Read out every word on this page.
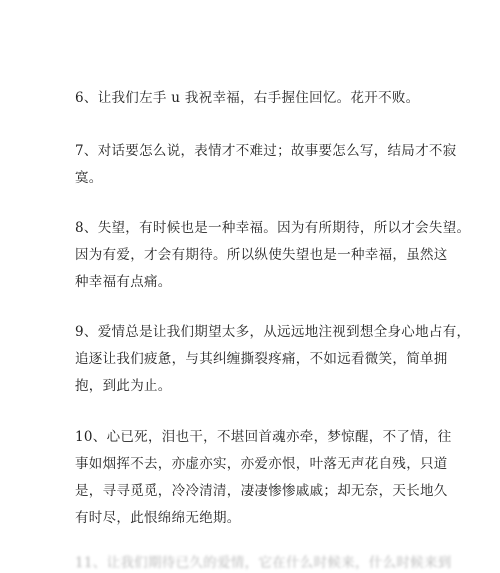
6、让我们左手 u 我祝幸福，右手握住回忆。花开不败。
7、对话要怎么说，表情才不难过；故事要怎么写，结局才不寂
寞。
8、失望，有时候也是一种幸福。因为有所期待，所以才会失望。
因为有爱，才会有期待。所以纵使失望也是一种幸福，虽然这
种幸福有点痛。
9、爱情总是让我们期望太多，从远远地注视到想全身心地占有，
追逐让我们疲惫，与其纠缠撕裂疼痛，不如远看微笑，简单拥
抱，到此为止。
10、心已死，泪也干，不堪回首魂亦牵，梦惊醒，不了情，往
事如烟挥不去，亦虚亦实，亦爱亦恨，叶落无声花自残，只道
是，寻寻觅觅，冷冷清清，凄凄惨惨戚戚；却无奈，天长地久
有时尽，此恨绵绵无绝期。
11、让我们期待已久的爱情，它在什么时候来，什么时候来到
